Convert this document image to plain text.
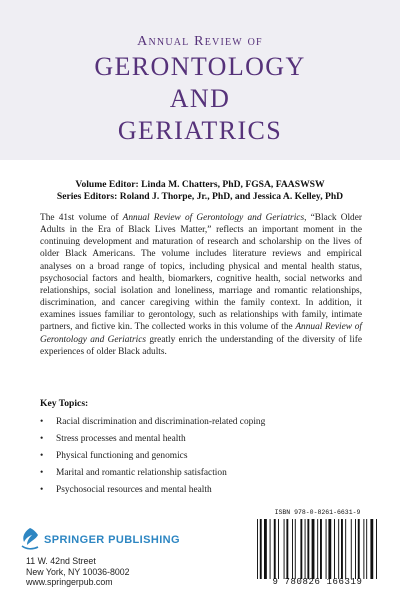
Annual Review of
GERONTOLOGY
AND
GERIATRICS
Volume Editor: Linda M. Chatters, PhD, FGSA, FAASWSW
Series Editors: Roland J. Thorpe, Jr., PhD, and Jessica A. Kelley, PhD
The 41st volume of Annual Review of Gerontology and Geriatrics, “Black Older Adults in the Era of Black Lives Matter,” reflects an important moment in the continuing development and maturation of research and scholarship on the lives of older Black Americans. The volume includes literature reviews and empirical analyses on a broad range of topics, including physical and mental health status, psychosocial factors and health, biomarkers, cognitive health, social networks and relationships, social isolation and loneliness, marriage and romantic relationships, discrimination, and cancer caregiving within the family context. In addition, it examines issues familiar to gerontology, such as relationships with family, intimate partners, and fictive kin. The collected works in this volume of the Annual Review of Gerontology and Geriatrics greatly enrich the understanding of the diversity of life experiences of older Black adults.
Key Topics:
• Racial discrimination and discrimination-related coping
• Stress processes and mental health
• Physical functioning and genomics
• Marital and romantic relationship satisfaction
• Psychosocial resources and mental health
SPRINGER PUBLISHING
11 W. 42nd Street
New York, NY 10036-8002
www.springerpub.com
ISBN 978-0-8261-6631-9
9 780826 166319
